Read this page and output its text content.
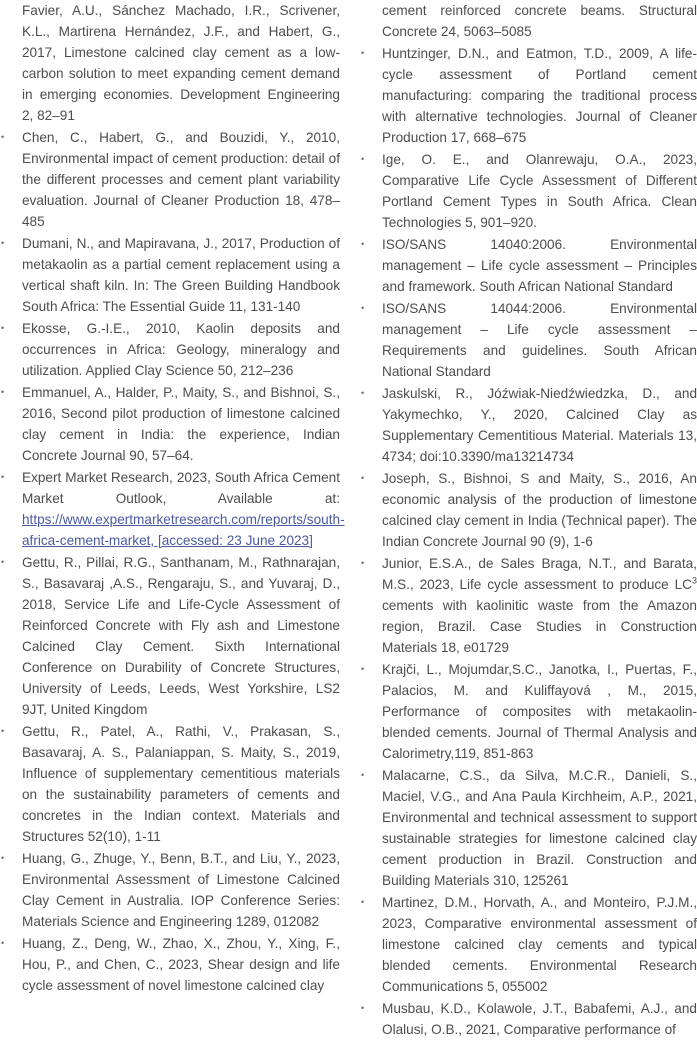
Favier, A.U., Sánchez Machado, I.R., Scrivener, K.L., Martirena Hernández, J.F., and Habert, G., 2017, Limestone calcined clay cement as a low-carbon solution to meet expanding cement demand in emerging economies. Development Engineering 2, 82–91
• Chen, C., Habert, G., and Bouzidi, Y., 2010, Environmental impact of cement production: detail of the different processes and cement plant variability evaluation. Journal of Cleaner Production 18, 478–485
• Dumani, N., and Mapiravana, J., 2017, Production of metakaolin as a partial cement replacement using a vertical shaft kiln. In: The Green Building Handbook South Africa: The Essential Guide 11, 131-140
• Ekosse, G.-I.E., 2010, Kaolin deposits and occurrences in Africa: Geology, mineralogy and utilization. Applied Clay Science 50, 212–236
• Emmanuel, A., Halder, P., Maity, S., and Bishnoi, S., 2016, Second pilot production of limestone calcined clay cement in India: the experience, Indian Concrete Journal 90, 57–64.
• Expert Market Research, 2023, South Africa Cement Market Outlook, Available at: https://www.expertmarketresearch.com/reports/south-africa-cement-market, [accessed: 23 June 2023]
• Gettu, R., Pillai, R.G., Santhanam, M., Rathnarajan, S., Basavaraj ,A.S., Rengaraju, S., and Yuvaraj, D., 2018, Service Life and Life-Cycle Assessment of Reinforced Concrete with Fly ash and Limestone Calcined Clay Cement. Sixth International Conference on Durability of Concrete Structures, University of Leeds, Leeds, West Yorkshire, LS2 9JT, United Kingdom
• Gettu, R., Patel, A., Rathi, V., Prakasan, S., Basavaraj, A. S., Palaniappan, S. Maity, S., 2019, Influence of supplementary cementitious materials on the sustainability parameters of cements and concretes in the Indian context. Materials and Structures 52(10), 1-11
• Huang, G., Zhuge, Y., Benn, B.T., and Liu, Y., 2023, Environmental Assessment of Limestone Calcined Clay Cement in Australia. IOP Conference Series: Materials Science and Engineering 1289, 012082
• Huang, Z., Deng, W., Zhao, X., Zhou, Y., Xing, F., Hou, P., and Chen, C., 2023, Shear design and life cycle assessment of novel limestone calcined clay
cement reinforced concrete beams. Structural Concrete 24, 5063–5085
• Huntzinger, D.N., and Eatmon, T.D., 2009, A life-cycle assessment of Portland cement manufacturing: comparing the traditional process with alternative technologies. Journal of Cleaner Production 17, 668–675
• Ige, O. E., and Olanrewaju, O.A., 2023, Comparative Life Cycle Assessment of Different Portland Cement Types in South Africa. Clean Technologies 5, 901–920.
• ISO/SANS 14040:2006. Environmental management – Life cycle assessment – Principles and framework. South African National Standard
• ISO/SANS 14044:2006. Environmental management – Life cycle assessment –Requirements and guidelines. South African National Standard
• Jaskulski, R., Jóźwiak-Niedźwiedzka, D., and Yakymechko, Y., 2020, Calcined Clay as Supplementary Cementitious Material. Materials 13, 4734; doi:10.3390/ma13214734
• Joseph, S., Bishnoi, S and Maity, S., 2016, An economic analysis of the production of limestone calcined clay cement in India (Technical paper). The Indian Concrete Journal 90 (9), 1-6
• Junior, E.S.A., de Sales Braga, N.T., and Barata, M.S., 2023, Life cycle assessment to produce $LC^3$ cements with kaolinitic waste from the Amazon region, Brazil. Case Studies in Construction Materials 18, e01729
• Krajči, L., Mojumdar,S.C., Janotka, I., Puertas, F., Palacios, M. and Kuliffayová , M., 2015, Performance of composites with metakaolin-blended cements. Journal of Thermal Analysis and Calorimetry,119, 851-863
• Malacarne, C.S., da Silva, M.C.R., Danieli, S., Maciel, V.G., and Ana Paula Kirchheim, A.P., 2021, Environmental and technical assessment to support sustainable strategies for limestone calcined clay cement production in Brazil. Construction and Building Materials 310, 125261
• Martinez, D.M., Horvath, A., and Monteiro, P.J.M., 2023, Comparative environmental assessment of limestone calcined clay cements and typical blended cements. Environmental Research Communications 5, 055002
• Musbau, K.D., Kolawole, J.T., Babafemi, A.J., and Olalusi, O.B., 2021, Comparative performance of
